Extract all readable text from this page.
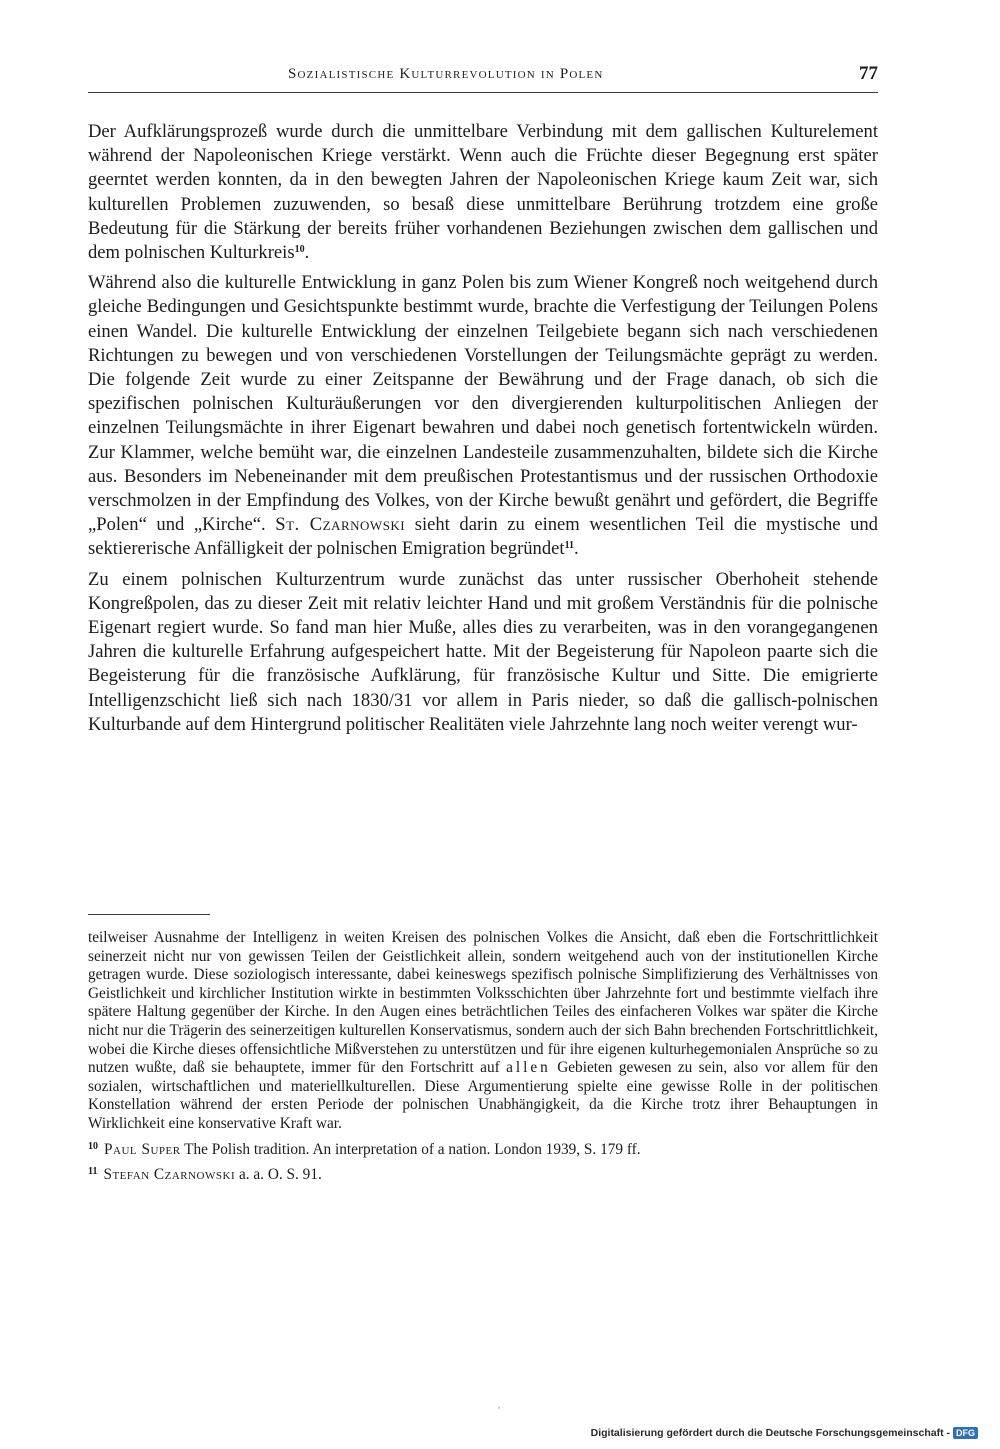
Sozialistische Kulturrevolution in Polen	77

Der Aufklärungsprozeß wurde durch die unmittelbare Verbindung mit dem gallischen Kulturelement während der Napoleonischen Kriege verstärkt. Wenn auch die Früchte dieser Begegnung erst später geerntet werden konnten, da in den bewegten Jahren der Napoleonischen Kriege kaum Zeit war, sich kulturellen Problemen zuzuwenden, so besaß diese unmittelbare Berührung trotzdem eine große Bedeutung für die Stärkung der bereits früher vorhandenen Beziehungen zwischen dem gallischen und dem polnischen Kulturkreis$^{10}$.

Während also die kulturelle Entwicklung in ganz Polen bis zum Wiener Kongreß noch weitgehend durch gleiche Bedingungen und Gesichtspunkte bestimmt wurde, brachte die Verfestigung der Teilungen Polens einen Wandel. Die kulturelle Entwicklung der einzelnen Teilgebiete begann sich nach verschiedenen Richtungen zu bewegen und von verschiedenen Vorstellungen der Teilungsmächte geprägt zu werden. Die folgende Zeit wurde zu einer Zeitspanne der Bewährung und der Frage danach, ob sich die spezifischen polnischen Kulturäußerungen vor den divergierenden kulturpolitischen Anliegen der einzelnen Teilungsmächte in ihrer Eigenart bewahren und dabei noch genetisch fortentwickeln würden. Zur Klammer, welche bemüht war, die einzelnen Landesteile zusammenzuhalten, bildete sich die Kirche aus. Besonders im Nebeneinander mit dem preußischen Protestantismus und der russischen Orthodoxie verschmolzen in der Empfindung des Volkes, von der Kirche bewußt genährt und gefördert, die Begriffe „Polen“ und „Kirche“. St. Czarnowski sieht darin zu einem wesentlichen Teil die mystische und sektiererische Anfälligkeit der polnischen Emigration begründet$^{11}$.

Zu einem polnischen Kulturzentrum wurde zunächst das unter russischer Oberhoheit stehende Kongreßpolen, das zu dieser Zeit mit relativ leichter Hand und mit großem Verständnis für die polnische Eigenart regiert wurde. So fand man hier Muße, alles dies zu verarbeiten, was in den vorangegangenen Jahren die kulturelle Erfahrung aufgespeichert hatte. Mit der Begeisterung für Napoleon paarte sich die Begeisterung für die französische Aufklärung, für französische Kultur und Sitte. Die emigrierte Intelligenzschicht ließ sich nach 1830/31 vor allem in Paris nieder, so daß die gallisch-polnischen Kulturbande auf dem Hintergrund politischer Realitäten viele Jahrzehnte lang noch weiter verengt wur-

teilweiser Ausnahme der Intelligenz in weiten Kreisen des polnischen Volkes die Ansicht, daß eben die Fortschrittlichkeit seinerzeit nicht nur von gewissen Teilen der Geistlichkeit allein, sondern weitgehend auch von der institutionellen Kirche getragen wurde. Diese soziologisch interessante, dabei keineswegs spezifisch polnische Simplifizierung des Verhältnisses von Geistlichkeit und kirchlicher Institution wirkte in bestimmten Volksschichten über Jahrzehnte fort und bestimmte vielfach ihre spätere Haltung gegenüber der Kirche. In den Augen eines beträchtlichen Teiles des einfacheren Volkes war später die Kirche nicht nur die Trägerin des seinerzeitigen kulturellen Konservatismus, sondern auch der sich Bahn brechenden Fortschrittlichkeit, wobei die Kirche dieses offensichtliche Mißverstehen zu unterstützen und für ihre eigenen kulturhegemonialen Ansprüche so zu nutzen wußte, daß sie behauptete, immer für den Fortschritt auf allen Gebieten gewesen zu sein, also vor allem für den sozialen, wirtschaftlichen und materiellkulturellen. Diese Argumentierung spielte eine gewisse Rolle in der politischen Konstellation während der ersten Periode der polnischen Unabhängigkeit, da die Kirche trotz ihrer Behauptungen in Wirklichkeit eine konservative Kraft war.

$^{10}$ Paul Super The Polish tradition. An interpretation of a nation. London 1939, S. 179 ff.

$^{11}$ Stefan Czarnowski a. a. O. S. 91.

˙
Digitalisierung gefördert durch die Deutsche Forschungsgemeinschaft - DFG
